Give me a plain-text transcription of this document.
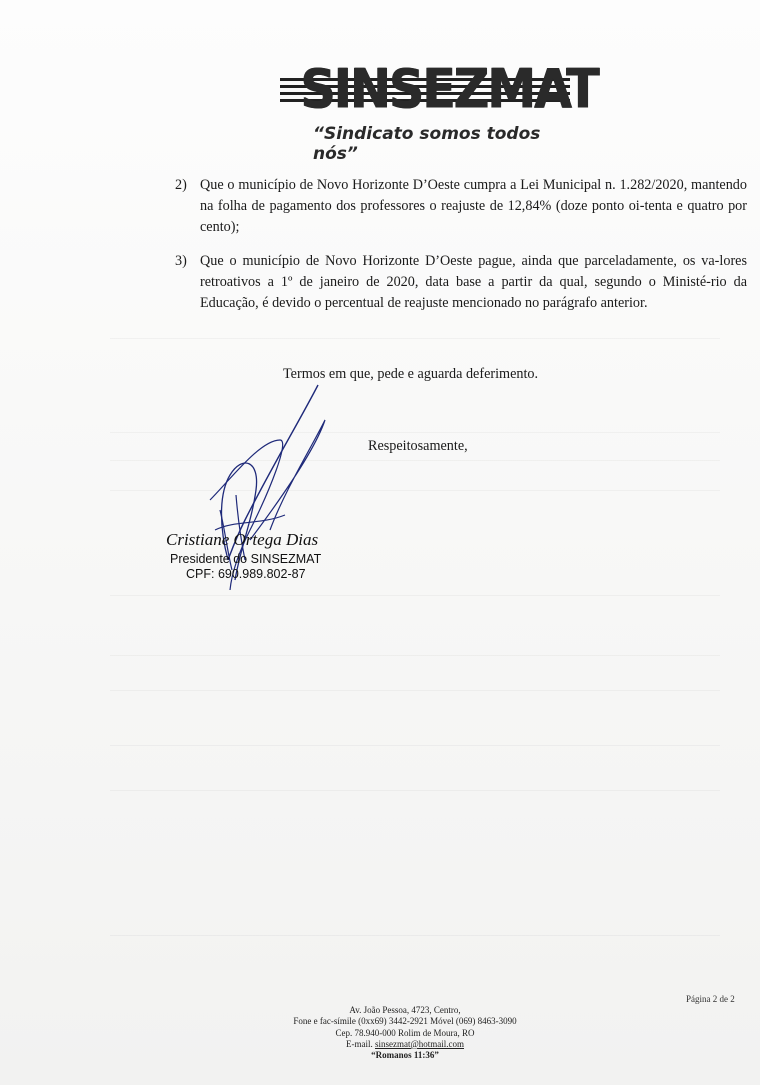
SINSEZMAT
“Sindicato somos todos nós”
2) Que o município de Novo Horizonte D’Oeste cumpra a Lei Municipal n. 1.282/2020, mantendo na folha de pagamento dos professores o reajuste de 12,84% (doze ponto oi-tenta e quatro por cento);
3) Que o município de Novo Horizonte D’Oeste pague, ainda que parceladamente, os va-lores retroativos a 1º de janeiro de 2020, data base a partir da qual, segundo o Ministé-rio da Educação, é devido o percentual de reajuste mencionado no parágrafo anterior.
Termos em que, pede e aguarda deferimento.
Respeitosamente,
Cristiane Ortega Dias
Presidente do SINSEZMAT
CPF: 690.989.802-87
Página 2 de 2
Av. João Pessoa, 4723, Centro,
Fone e fac-símile (0xx69) 3442-2921 Móvel (069) 8463-3090
Cep. 78.940-000 Rolim de Moura, RO
E-mail. sinsezmat@hotmail.com
“Romanos 11:36”
